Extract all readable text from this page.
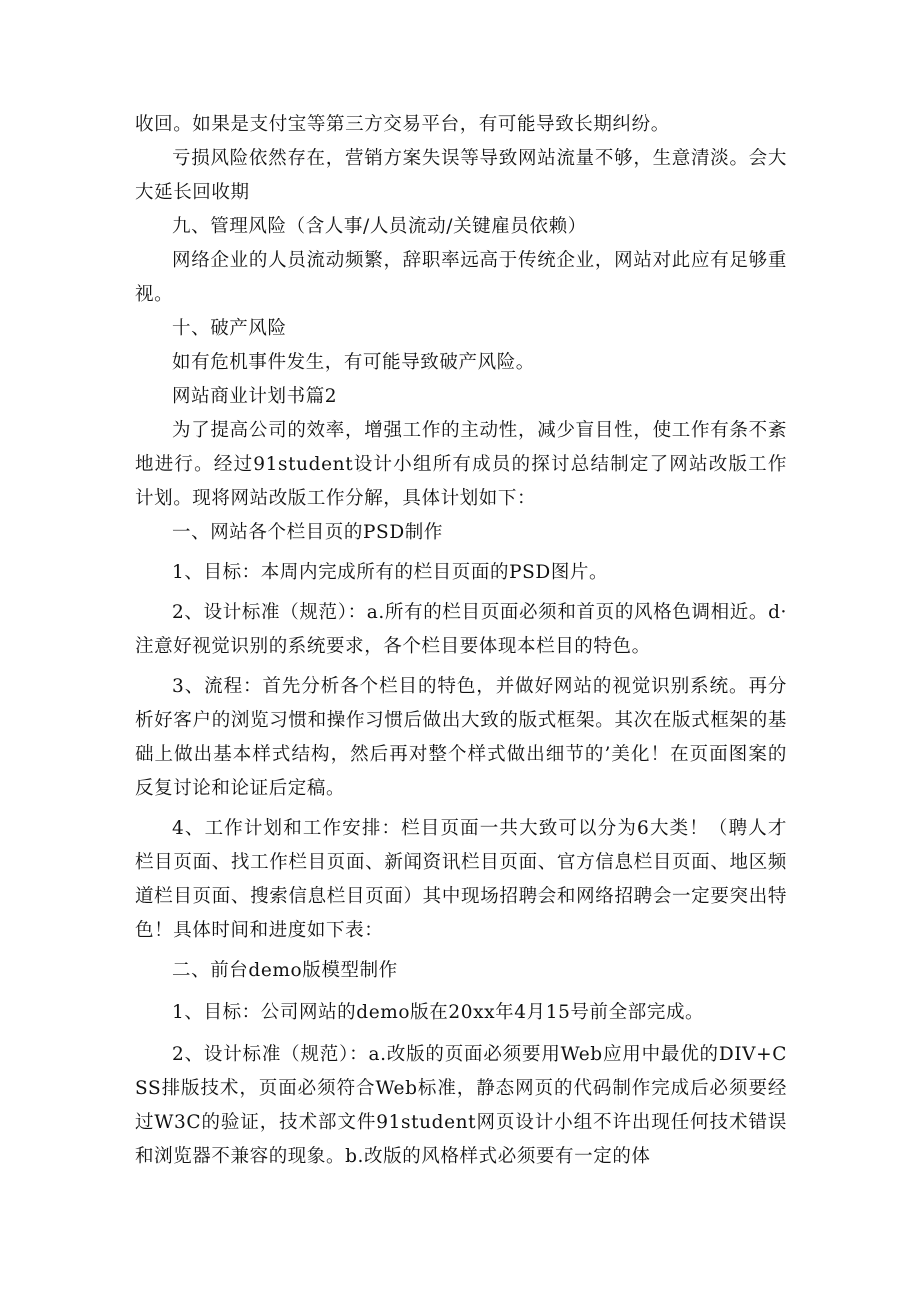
收回。如果是支付宝等第三方交易平台，有可能导致长期纠纷。

亏损风险依然存在，营销方案失误等导致网站流量不够，生意清淡。会大大延长回收期

九、管理风险（含人事/人员流动/关键雇员依赖）

网络企业的人员流动频繁，辞职率远高于传统企业，网站对此应有足够重视。

十、破产风险

如有危机事件发生，有可能导致破产风险。

网站商业计划书篇2

为了提高公司的效率，增强工作的主动性，减少盲目性，使工作有条不紊地进行。经过91student设计小组所有成员的探讨总结制定了网站改版工作计划。现将网站改版工作分解，具体计划如下：

一、网站各个栏目页的PSD制作

1、目标：本周内完成所有的栏目页面的PSD图片。

2、设计标准（规范）：a.所有的栏目页面必须和首页的风格色调相近。d·注意好视觉识别的系统要求，各个栏目要体现本栏目的特色。

3、流程：首先分析各个栏目的特色，并做好网站的视觉识别系统。再分析好客户的浏览习惯和操作习惯后做出大致的版式框架。其次在版式框架的基础上做出基本样式结构，然后再对整个样式做出细节的’美化！在页面图案的反复讨论和论证后定稿。

4、工作计划和工作安排：栏目页面一共大致可以分为6大类！（聘人才栏目页面、找工作栏目页面、新闻资讯栏目页面、官方信息栏目页面、地区频道栏目页面、搜索信息栏目页面）其中现场招聘会和网络招聘会一定要突出特色！具体时间和进度如下表：

二、前台demo版模型制作

1、目标：公司网站的demo版在20xx年4月15号前全部完成。

2、设计标准（规范）：a.改版的页面必须要用Web应用中最优的DIV+CSS排版技术，页面必须符合Web标准，静态网页的代码制作完成后必须要经过W3C的验证，技术部文件91student网页设计小组不许出现任何技术错误和浏览器不兼容的现象。b.改版的风格样式必须要有一定的体
